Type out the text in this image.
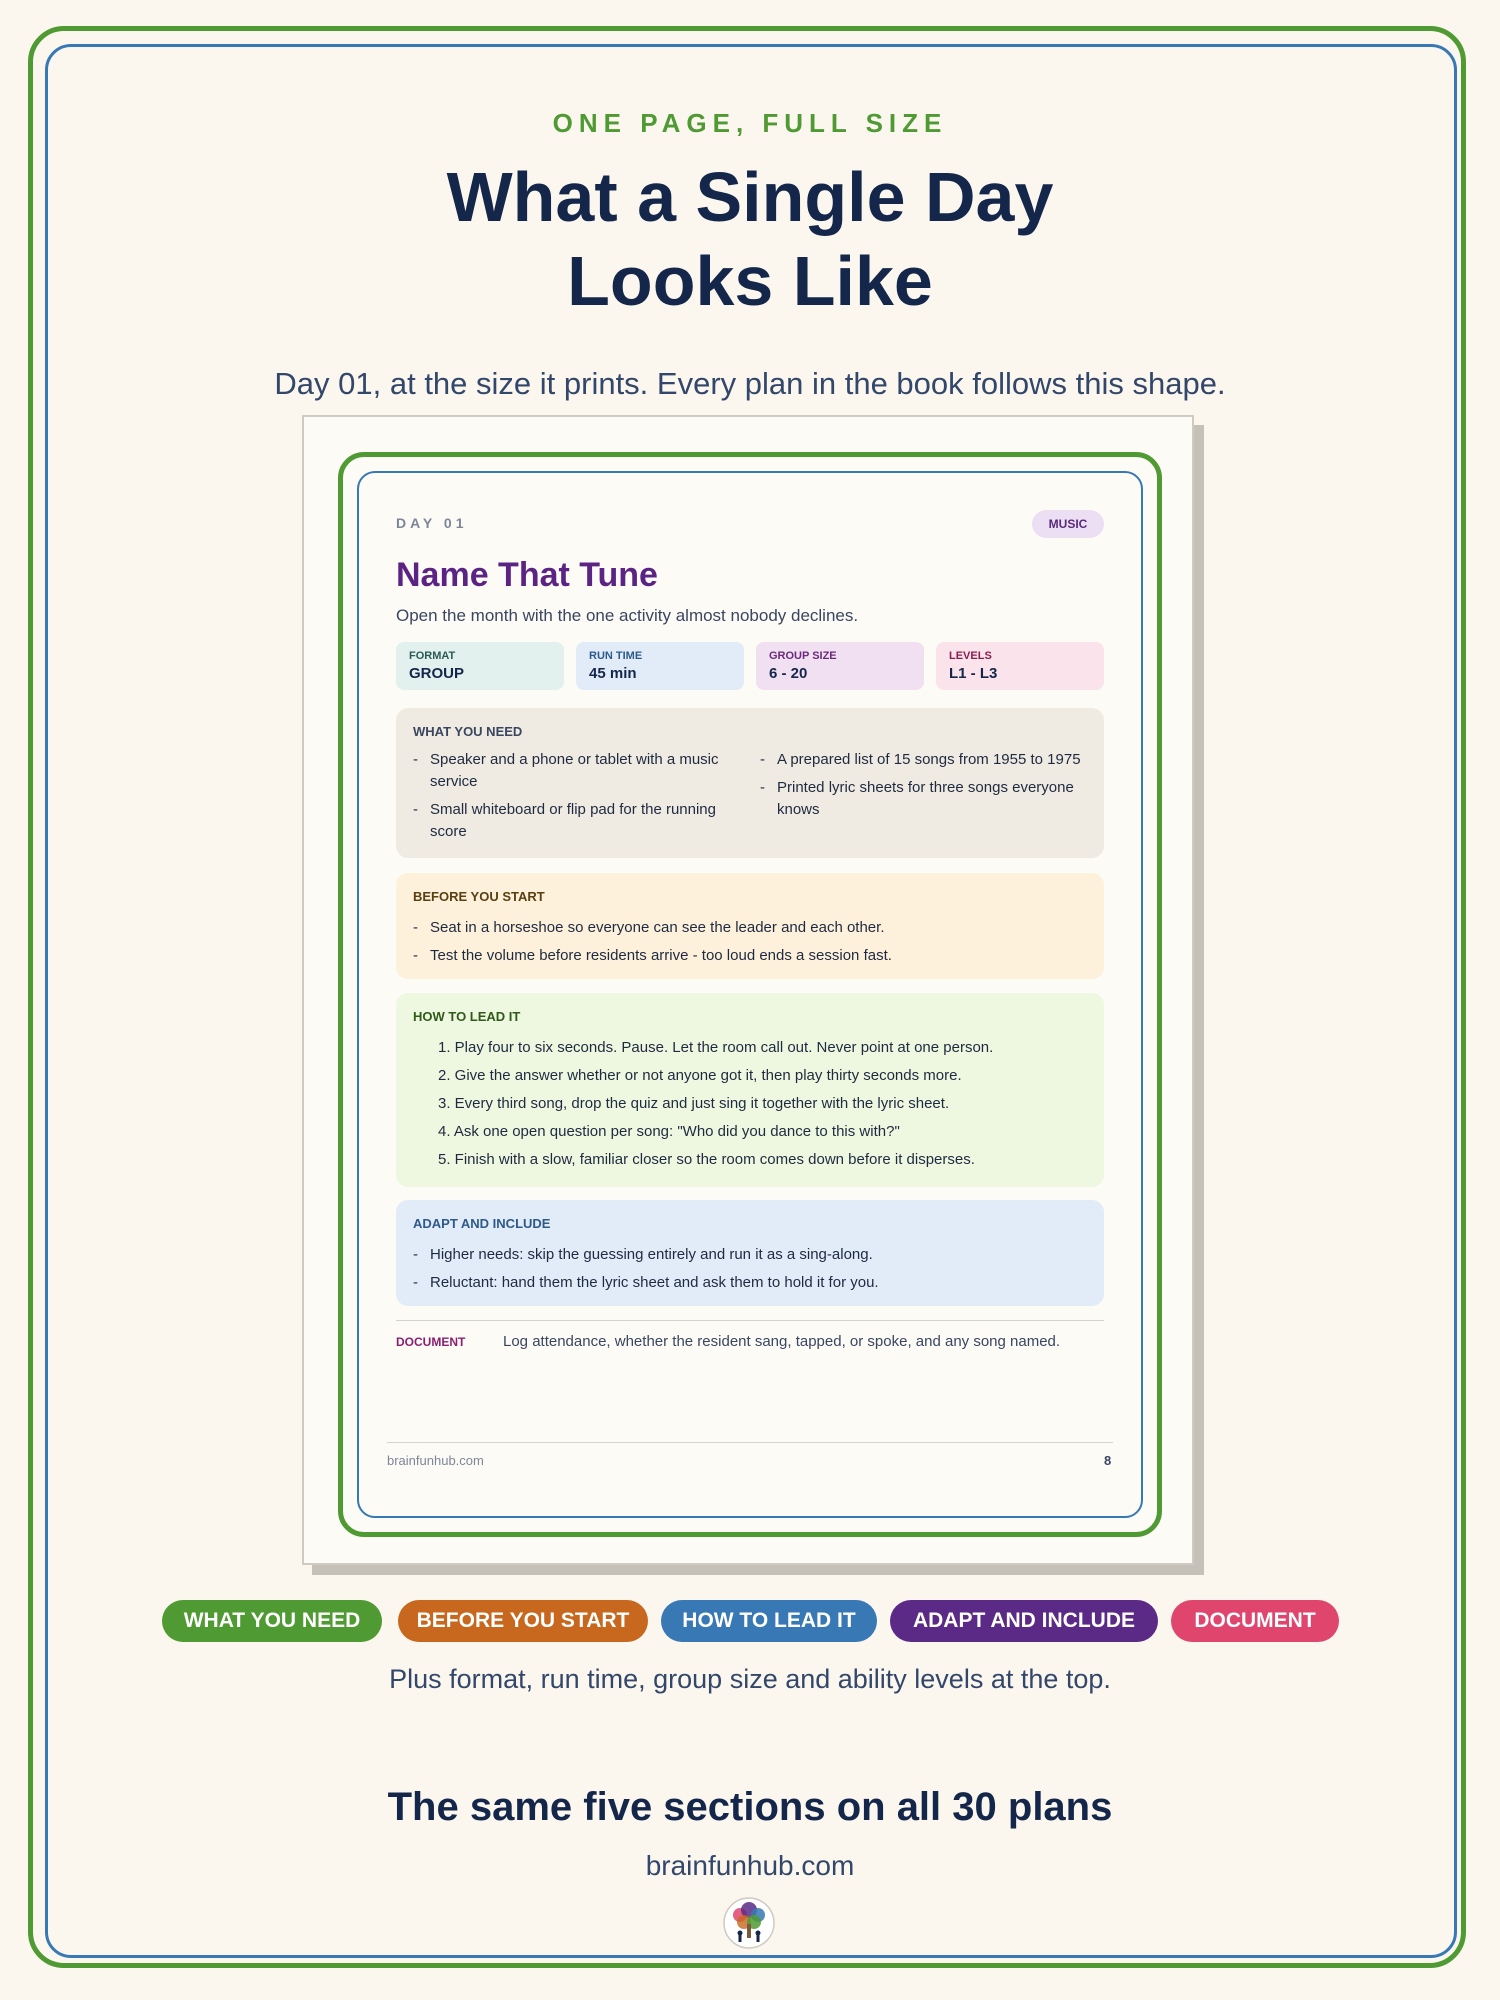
ONE PAGE, FULL SIZE
What a Single Day
Looks Like
Day 01, at the size it prints. Every plan in the book follows this shape.
DAY 01	MUSIC
Name That Tune
Open the month with the one activity almost nobody declines.
FORMAT
GROUP
RUN TIME
45 min
GROUP SIZE
6 - 20
LEVELS
L1 - L3
WHAT YOU NEED
- Speaker and a phone or tablet with a music service
- Small whiteboard or flip pad for the running score
- A prepared list of 15 songs from 1955 to 1975
- Printed lyric sheets for three songs everyone knows
BEFORE YOU START
- Seat in a horseshoe so everyone can see the leader and each other.
- Test the volume before residents arrive - too loud ends a session fast.
HOW TO LEAD IT
1. Play four to six seconds. Pause. Let the room call out. Never point at one person.
2. Give the answer whether or not anyone got it, then play thirty seconds more.
3. Every third song, drop the quiz and just sing it together with the lyric sheet.
4. Ask one open question per song: "Who did you dance to this with?"
5. Finish with a slow, familiar closer so the room comes down before it disperses.
ADAPT AND INCLUDE
- Higher needs: skip the guessing entirely and run it as a sing-along.
- Reluctant: hand them the lyric sheet and ask them to hold it for you.
DOCUMENT	Log attendance, whether the resident sang, tapped, or spoke, and any song named.
brainfunhub.com	8
WHAT YOU NEED	BEFORE YOU START	HOW TO LEAD IT	ADAPT AND INCLUDE	DOCUMENT
Plus format, run time, group size and ability levels at the top.
The same five sections on all 30 plans
brainfunhub.com
